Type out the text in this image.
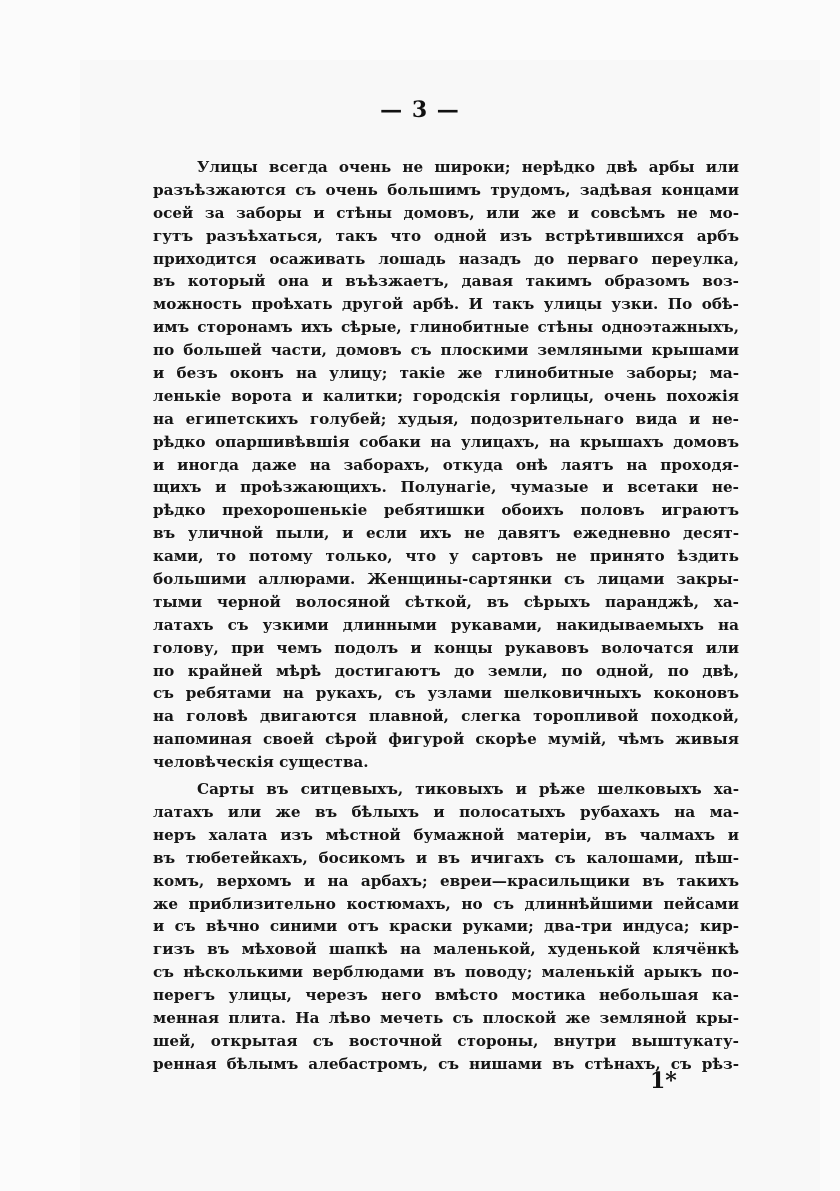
— 3 —
Улицы всегда очень не широки; нерѣдко двѣ арбы или
разъѣзжаются съ очень большимъ трудомъ, задѣвая концами
осей за заборы и стѣны домовъ, или же и совсѣмъ не мо-
гутъ разъѣхаться, такъ что одной изъ встрѣтившихся арбъ
приходится осаживать лошадь назадъ до перваго переулка,
въ который она и въѣзжаетъ, давая такимъ образомъ воз-
можность проѣхать другой арбѣ. И такъ улицы узки. По обѣ-
имъ сторонамъ ихъ сѣрые, глинобитные стѣны одноэтажныхъ,
по большей части, домовъ съ плоскими земляными крышами
и безъ оконъ на улицу; такіе же глинобитные заборы; ма-
ленькіе ворота и калитки; городскія горлицы, очень похожія
на египетскихъ голубей; худыя, подозрительнаго вида и не-
рѣдко опаршивѣвшія собаки на улицахъ, на крышахъ домовъ
и иногда даже на заборахъ, откуда онѣ лаятъ на проходя-
щихъ и проѣзжающихъ. Полунагіе, чумазые и всетаки не-
рѣдко прехорошенькіе ребятишки обоихъ половъ играютъ
въ уличной пыли, и если ихъ не давятъ ежедневно десят-
ками, то потому только, что у сартовъ не принято ѣздить
большими аллюрами. Женщины-сартянки съ лицами закры-
тыми черной волосяной сѣткой, въ сѣрыхъ паранджѣ, ха-
латахъ съ узкими длинными рукавами, накидываемыхъ на
голову, при чемъ подолъ и концы рукавовъ волочатся или
по крайней мѣрѣ достигаютъ до земли, по одной, по двѣ,
съ ребятами на рукахъ, съ узлами шелковичныхъ коконовъ
на головѣ двигаются плавной, слегка торопливой походкой,
напоминая своей сѣрой фигурой скорѣе мумій, чѣмъ живыя
человѣческія существа.
Сарты въ ситцевыхъ, тиковыхъ и рѣже шелковыхъ ха-
латахъ или же въ бѣлыхъ и полосатыхъ рубахахъ на ма-
неръ халата изъ мѣстной бумажной матеріи, въ чалмахъ и
въ тюбетейкахъ, босикомъ и въ ичигахъ съ калошами, пѣш-
комъ, верхомъ и на арбахъ; евреи—красильщики въ такихъ
же приблизительно костюмахъ, но съ длиннѣйшими пейсами
и съ вѣчно синими отъ краски руками; два-три индуса; кир-
гизъ въ мѣховой шапкѣ на маленькой, худенькой клячёнкѣ
съ нѣсколькими верблюдами въ поводу; маленькій арыкъ по-
перегъ улицы, черезъ него вмѣсто мостика небольшая ка-
менная плита. На лѣво мечеть съ плоской же земляной кры-
шей, открытая съ восточной стороны, внутри выштукату-
ренная бѣлымъ алебастромъ, съ нишами въ стѣнахъ, съ рѣз-
1*
